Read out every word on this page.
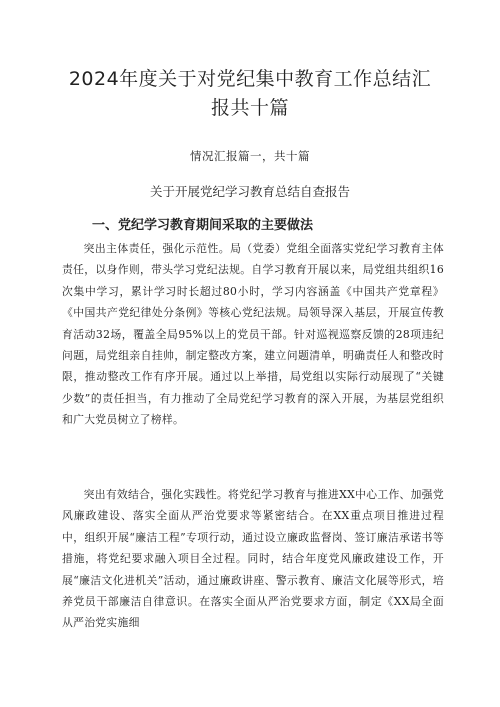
2024年度关于对党纪集中教育工作总结汇
报共十篇

情况汇报篇一，共十篇

关于开展党纪学习教育总结自查报告

一、党纪学习教育期间采取的主要做法

突出主体责任，强化示范性。局（党委）党组全面落实党纪学习教育主体责任，以身作则，带头学习党纪法规。自学习教育开展以来，局党组共组织16次集中学习，累计学习时长超过80小时，学习内容涵盖《中国共产党章程》《中国共产党纪律处分条例》等核心党纪法规。局领导深入基层，开展宣传教育活动32场，覆盖全局95%以上的党员干部。针对巡视巡察反馈的28项违纪问题，局党组亲自挂帅，制定整改方案，建立问题清单，明确责任人和整改时限，推动整改工作有序开展。通过以上举措，局党组以实际行动展现了“关键少数”的责任担当，有力推动了全局党纪学习教育的深入开展，为基层党组织和广大党员树立了榜样。

突出有效结合，强化实践性。将党纪学习教育与推进XX中心工作、加强党风廉政建设、落实全面从严治党要求等紧密结合。在XX重点项目推进过程中，组织开展“廉洁工程”专项行动，通过设立廉政监督岗、签订廉洁承诺书等措施，将党纪要求融入项目全过程。同时，结合年度党风廉政建设工作，开展“廉洁文化进机关”活动，通过廉政讲座、警示教育、廉洁文化展等形式，培养党员干部廉洁自律意识。在落实全面从严治党要求方面，制定《XX局全面从严治党实施细
